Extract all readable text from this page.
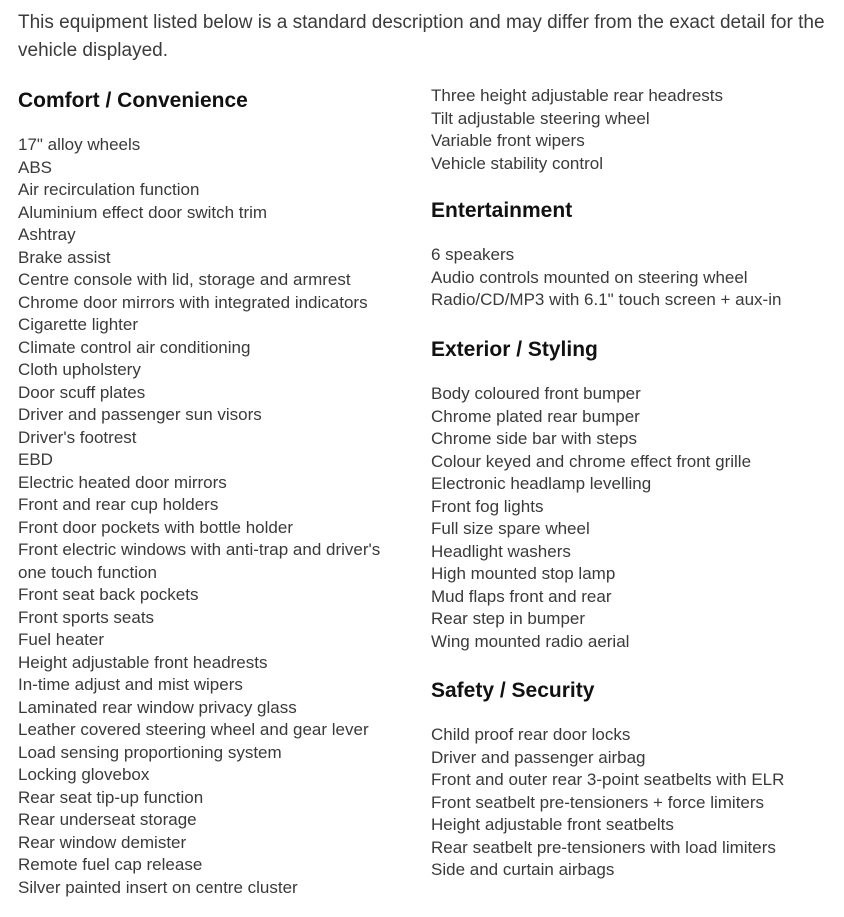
This equipment listed below is a standard description and may differ from the exact detail for the vehicle displayed.

Comfort / Convenience
17" alloy wheels
ABS
Air recirculation function
Aluminium effect door switch trim
Ashtray
Brake assist
Centre console with lid, storage and armrest
Chrome door mirrors with integrated indicators
Cigarette lighter
Climate control air conditioning
Cloth upholstery
Door scuff plates
Driver and passenger sun visors
Driver's footrest
EBD
Electric heated door mirrors
Front and rear cup holders
Front door pockets with bottle holder
Front electric windows with anti-trap and driver's one touch function
Front seat back pockets
Front sports seats
Fuel heater
Height adjustable front headrests
In-time adjust and mist wipers
Laminated rear window privacy glass
Leather covered steering wheel and gear lever
Load sensing proportioning system
Locking glovebox
Rear seat tip-up function
Rear underseat storage
Rear window demister
Remote fuel cap release
Silver painted insert on centre cluster
Three height adjustable rear headrests
Tilt adjustable steering wheel
Variable front wipers
Vehicle stability control
Entertainment
6 speakers
Audio controls mounted on steering wheel
Radio/CD/MP3 with 6.1" touch screen + aux-in
Exterior / Styling
Body coloured front bumper
Chrome plated rear bumper
Chrome side bar with steps
Colour keyed and chrome effect front grille
Electronic headlamp levelling
Front fog lights
Full size spare wheel
Headlight washers
High mounted stop lamp
Mud flaps front and rear
Rear step in bumper
Wing mounted radio aerial
Safety / Security
Child proof rear door locks
Driver and passenger airbag
Front and outer rear 3-point seatbelts with ELR
Front seatbelt pre-tensioners + force limiters
Height adjustable front seatbelts
Rear seatbelt pre-tensioners with load limiters
Side and curtain airbags
